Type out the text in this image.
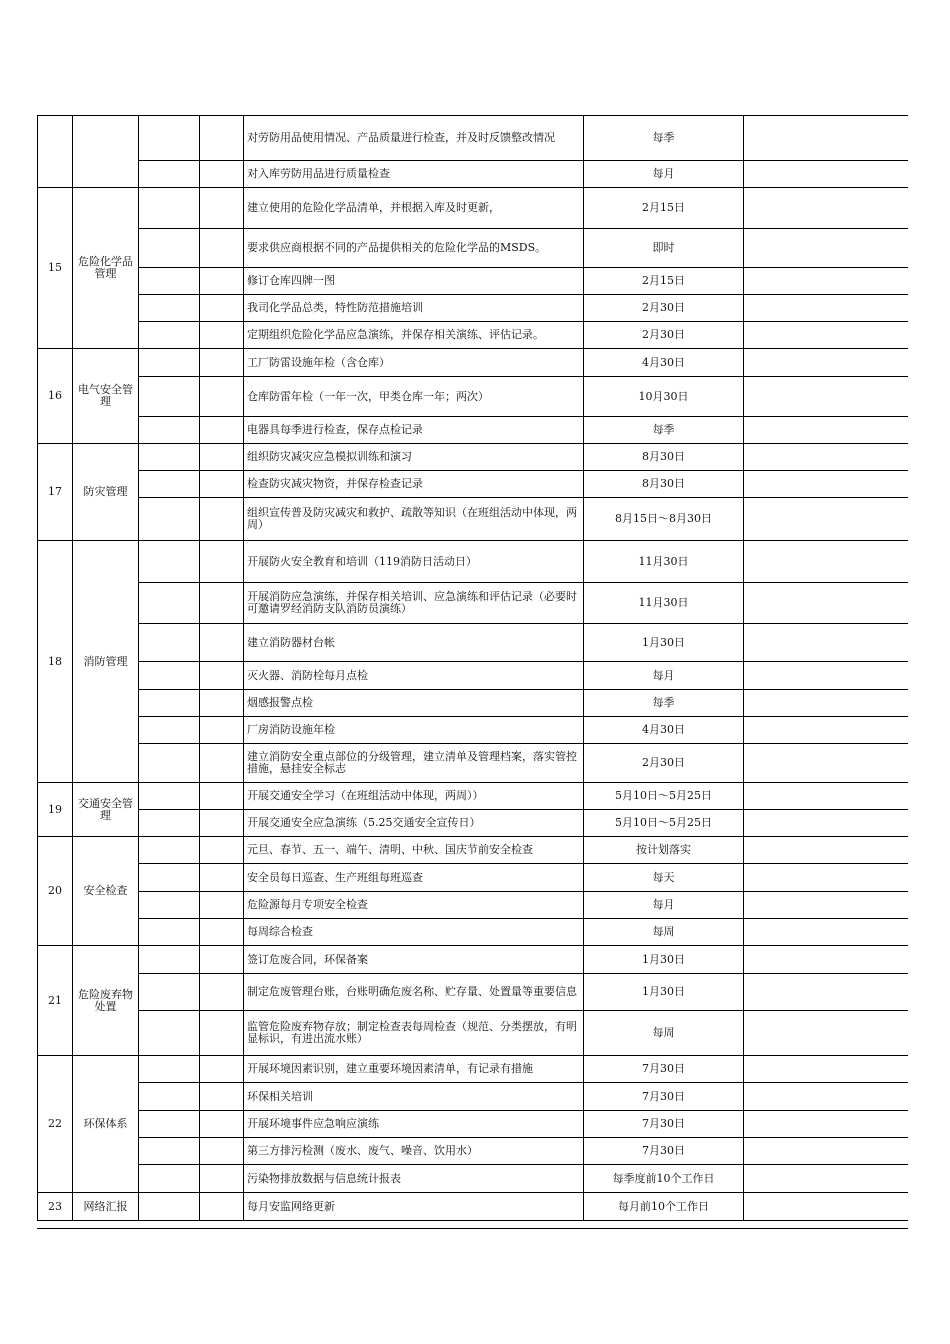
				对劳防用品使用情况、产品质量进行检查，并及时反馈整改情况	每季	
				对入库劳防用品进行质量检查	每月	
15	危险化学品管理			建立使用的危险化学品清单，并根据入库及时更新，	2月15日	
				要求供应商根据不同的产品提供相关的危险化学品的MSDS。	即时	
				修订仓库四牌一图	2月15日	
				我司化学品总类，特性防范措施培训	2月30日	
				定期组织危险化学品应急演练，并保存相关演练、评估记录。	2月30日	
16	电气安全管理			工厂防雷设施年检（含仓库）	4月30日	
				仓库防雷年检（一年一次，甲类仓库一年；两次）	10月30日	
				电器具每季进行检查，保存点检记录	每季	
17	防灾管理			组织防灾减灾应急模拟训练和演习	8月30日	
				检查防灾减灾物资，并保存检查记录	8月30日	
				组织宣传普及防灾减灾和救护、疏散等知识（在班组活动中体现，两周）	8月15日～8月30日	
18	消防管理			开展防火安全教育和培训（119消防日活动日）	11月30日	
				开展消防应急演练，并保存相关培训、应急演练和评估记录（必要时可邀请罗经消防支队消防员演练）	11月30日	
				建立消防器材台帐	1月30日	
				灭火器、消防栓每月点检	每月	
				烟感报警点检	每季	
				厂房消防设施年检	4月30日	
				建立消防安全重点部位的分级管理，建立清单及管理档案，落实管控措施，悬挂安全标志	2月30日	
19	交通安全管理			开展交通安全学习（在班组活动中体现，两周））	5月10日～5月25日	
				开展交通安全应急演练（5.25交通安全宣传日）	5月10日～5月25日	
20	安全检查			元旦、春节、五一、端午、清明、中秋、国庆节前安全检查	按计划落实	
				安全员每日巡查、生产班组每班巡查	每天	
				危险源每月专项安全检查	每月	
				每周综合检查	每周	
21	危险废弃物处置			签订危废合同，环保备案	1月30日	
				制定危废管理台账，台账明确危废名称、贮存量、处置量等重要信息	1月30日	
				监管危险废弃物存放；制定检查表每周检查（规范、分类摆放，有明显标识，有进出流水账）	每周	
22	环保体系			开展环境因素识别，建立重要环境因素清单，有记录有措施	7月30日	
				环保相关培训	7月30日	
				开展环境事件应急响应演练	7月30日	
				第三方排污检测（废水、废气、噪音、饮用水）	7月30日	
				污染物排放数据与信息统计报表	每季度前10个工作日	
23	网络汇报			每月安监网络更新	每月前10个工作日	
